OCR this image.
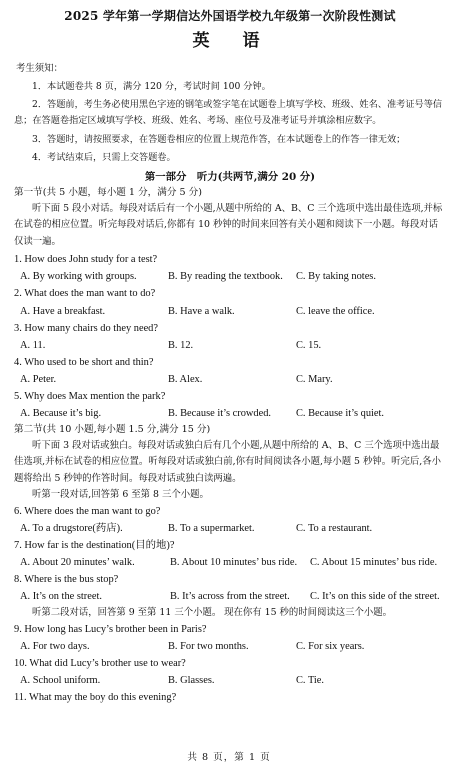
2025 学年第一学期信达外国语学校九年级第一次阶段性测试
英　语
考生须知：
1．本试题卷共 8 页，满分 120 分，考试时间 100 分钟。
2．答题前，考生务必使用黑色字迹的钢笔或签字笔在试题卷上填写学校、班级、姓名、准考证号等信息；在答题卷指定区域填写学校、班级、姓名、考场、座位号及准考证号并填涂相应数字。
3．答题时，请按照要求，在答题卷相应的位置上规范作答，在本试题卷上的作答一律无效；
4．考试结束后，只需上交答题卷。
第一部分　听力(共两节,满分 20 分)
第一节(共 5 小题，每小题 1 分，满分 5 分)
听下面 5 段小对话。每段对话后有一个小题,从题中所给的 A、B、C 三个选项中选出最佳选项,并标在试卷的相应位置。听完每段对话后,你都有 10 秒钟的时间来回答有关小题和阅读下一小题。每段对话仅读一遍。
1. How does John study for a test?
A. By working with groups.	B. By reading the textbook.	C. By taking notes.
2. What does the man want to do?
A. Have a breakfast.	B. Have a walk.	C. leave the office.
3. How many chairs do they need?
A. 11.	B. 12.	C. 15.
4. Who used to be short and thin?
A. Peter.	B. Alex.	C. Mary.
5. Why does Max mention the park?
A. Because it’s big.	B. Because it’s crowded.	C. Because it’s quiet.
第二节(共 10 小题,每小题 1.5 分,满分 15 分)
听下面 3 段对话或独白。每段对话或独白后有几个小题,从题中所给的 A、B、C 三个选项中选出最佳选项,并标在试卷的相应位置。听每段对话或独白前,你有时间阅读各小题,每小题 5 秒钟。听完后,各小题将给出 5 秒钟的作答时间。每段对话或独白读两遍。
听第一段对话,回答第 6 至第 8 三个小题。
6. Where does the man want to go?
A. To a drugstore(药店).	B. To a supermarket.	C. To a restaurant.
7. How far is the destination(目的地)?
A. About 20 minutes’ walk.	B. About 10 minutes’ bus ride.	C. About 15 minutes’ bus ride.
8. Where is the bus stop?
A. It’s on the street.	B. It’s across from the street.	C. It’s on this side of the street.
听第二段对话，回答第 9 至第 11 三个小题。 现在你有 15 秒的时间阅读这三个小题。
9. How long has Lucy’s brother been in Paris?
A. For two days.	B. For two months.	C. For six years.
10. What did Lucy’s brother use to wear?
A. School uniform.	B. Glasses.	C. Tie.
11. What may the boy do this evening?
共 8 页，第 1 页
